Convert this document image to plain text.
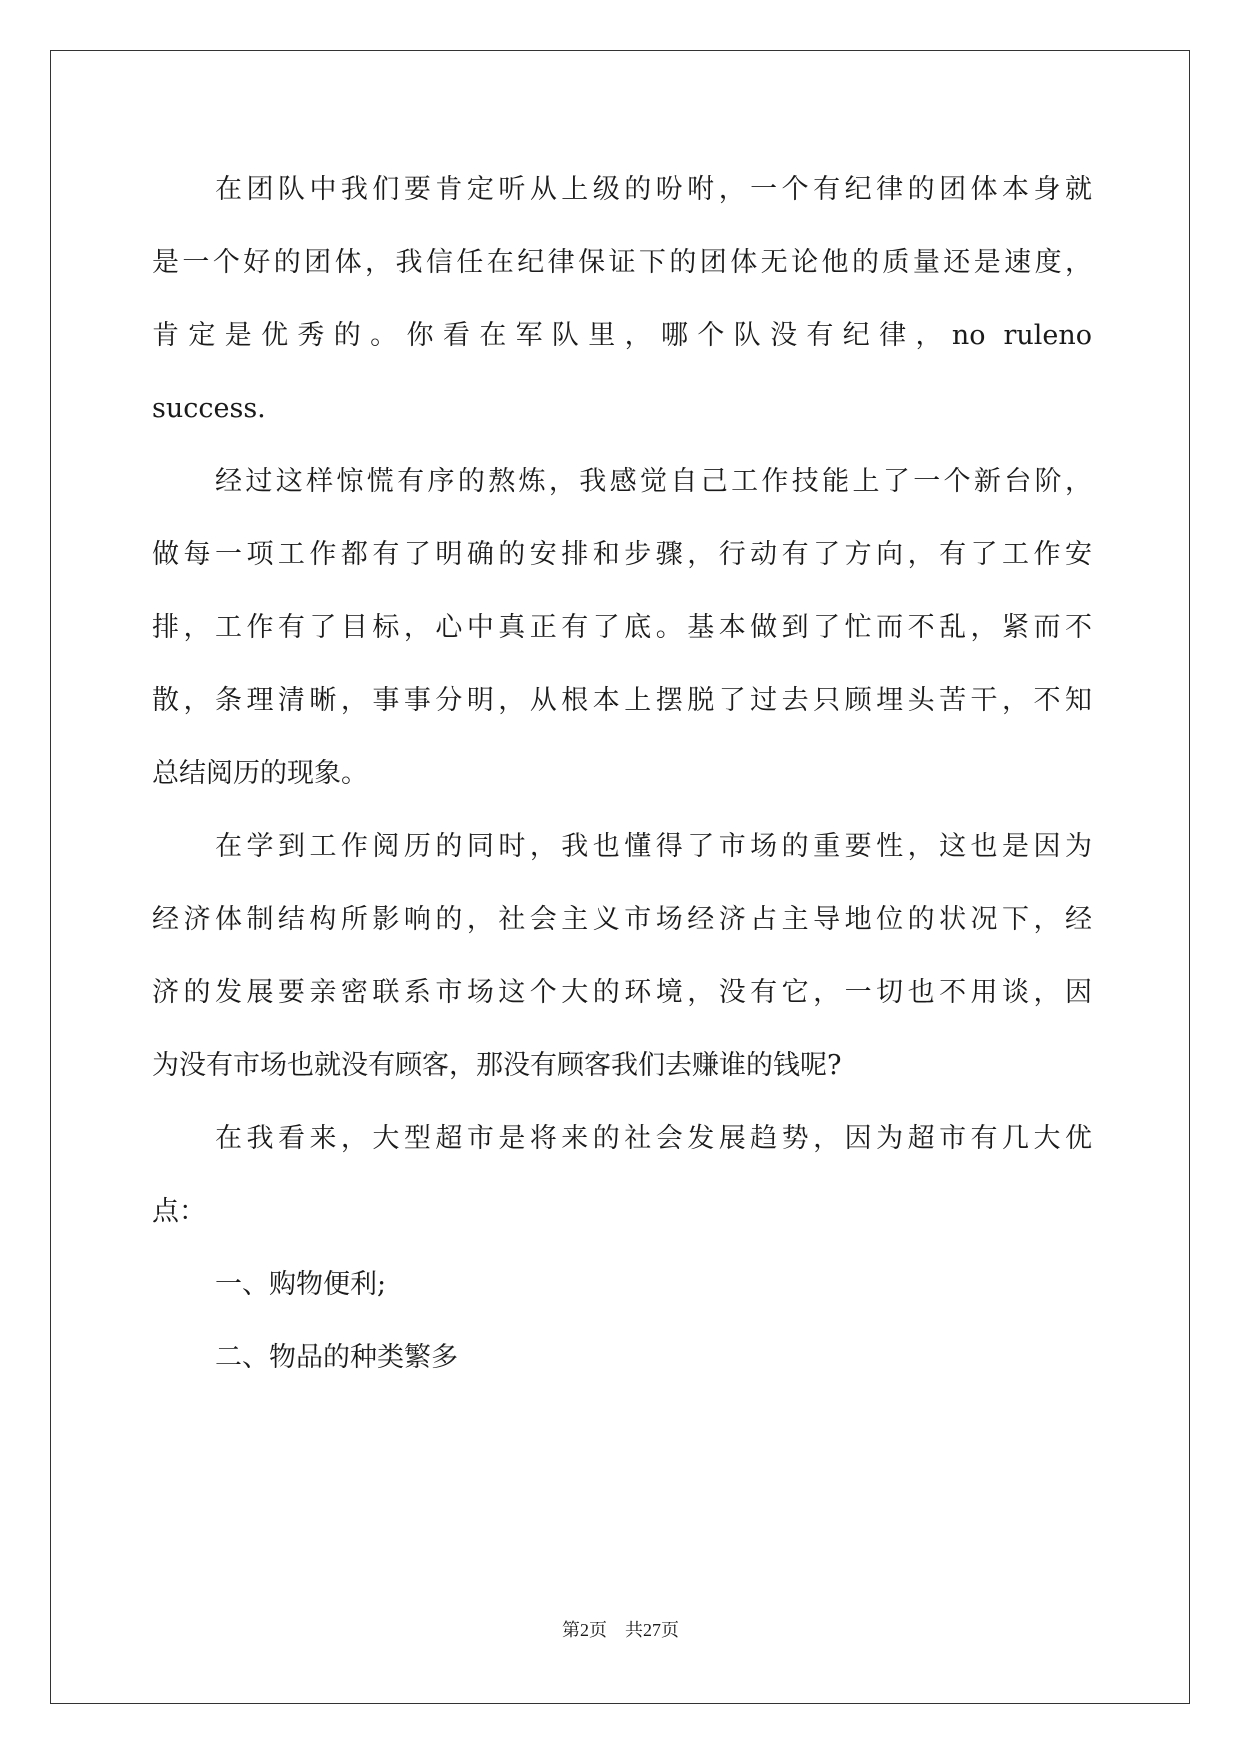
在团队中我们要肯定听从上级的吩咐，一个有纪律的团体本身就
是一个好的团体，我信任在纪律保证下的团体无论他的质量还是速度，
肯定是优秀的。你看在军队里，哪个队没有纪律，no ruleno
success.
经过这样惊慌有序的熬炼，我感觉自己工作技能上了一个新台阶，
做每一项工作都有了明确的安排和步骤，行动有了方向，有了工作安
排，工作有了目标，心中真正有了底。基本做到了忙而不乱，紧而不
散，条理清晰，事事分明，从根本上摆脱了过去只顾埋头苦干，不知
总结阅历的现象。
在学到工作阅历的同时，我也懂得了市场的重要性，这也是因为
经济体制结构所影响的，社会主义市场经济占主导地位的状况下，经
济的发展要亲密联系市场这个大的环境，没有它，一切也不用谈，因
为没有市场也就没有顾客，那没有顾客我们去赚谁的钱呢?
在我看来，大型超市是将来的社会发展趋势，因为超市有几大优
点：
一、购物便利;
二、物品的种类繁多
第2页　共27页
